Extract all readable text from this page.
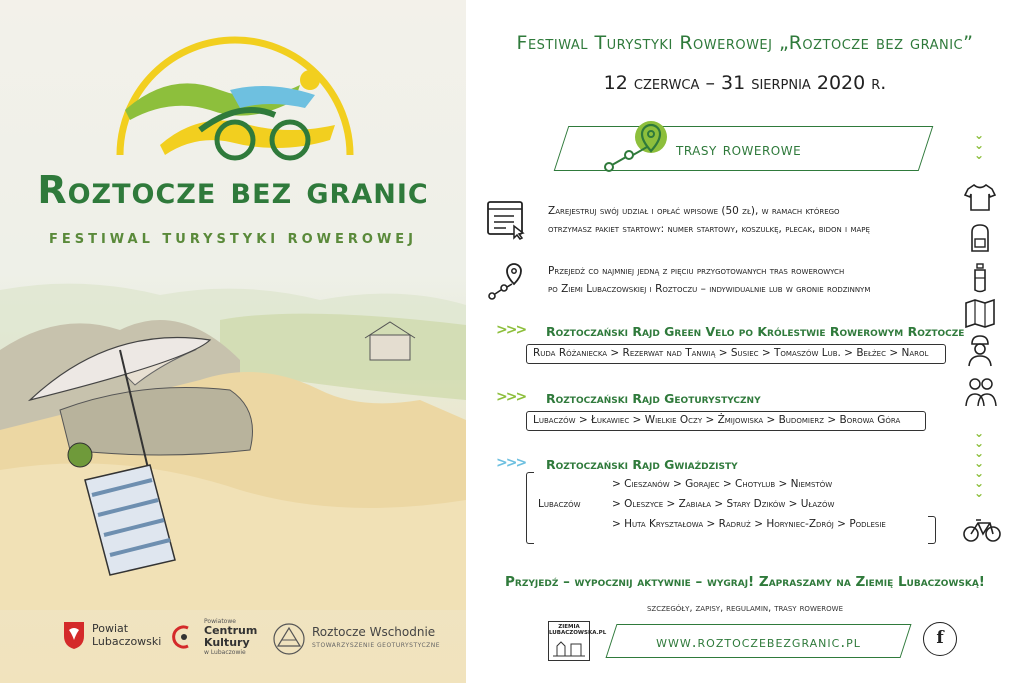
Roztocze bez granic
FESTIWAL TURYSTYKI ROWEROWEJ
Powiat
Lubaczowski
Powiatowe
Centrum
Kultury
w Lubaczowie
Roztocze Wschodnie
STOWARZYSZENIE GEOTURYSTYCZNE
Festiwal Turystyki Rowerowej „Roztocze bez granic”
12 czerwca – 31 sierpnia 2020 r.
trasy rowerowe
Zarejestruj swój udział i opłać wpisowe (50 zł), w ramach którego
otrzymasz pakiet startowy: numer startowy, koszulkę, plecak, bidon i mapę
Przejedź co najmniej jedną z pięciu przygotowanych tras rowerowych
po Ziemi Lubaczowskiej i Roztoczu – indywidualnie lub w gronie rodzinnym
>>> Roztoczański Rajd Green Velo po Królestwie Rowerowym Roztocze
Ruda Różaniecka > Rezerwat nad Tanwią > Susiec > Tomaszów Lub. > Bełżec > Narol
>>> Roztoczański Rajd Geoturystyczny
Lubaczów > Łukawiec > Wielkie Oczy > Żmijowiska > Budomierz > Borowa Góra
>>> Roztoczański Rajd Gwiaździsty
Lubaczów
> Cieszanów > Gorajec > Chotylub > Niemstów
> Oleszyce > Zabiała > Stary Dzików > Ułazów
> Huta Kryształowa > Radruż > Horyniec-Zdrój > Podlesie
Przyjedź – wypocznij aktywnie – wygraj! Zapraszamy na Ziemię Lubaczowską!
szczegóły, zapisy, regulamin, trasy rowerowe
ZIEMIA LUBACZOWSKA.PL	www.roztoczebezgranic.pl	f
⌄
⌄
⌄
⌄
⌄
⌄
⌄
⌄
⌄
⌄
